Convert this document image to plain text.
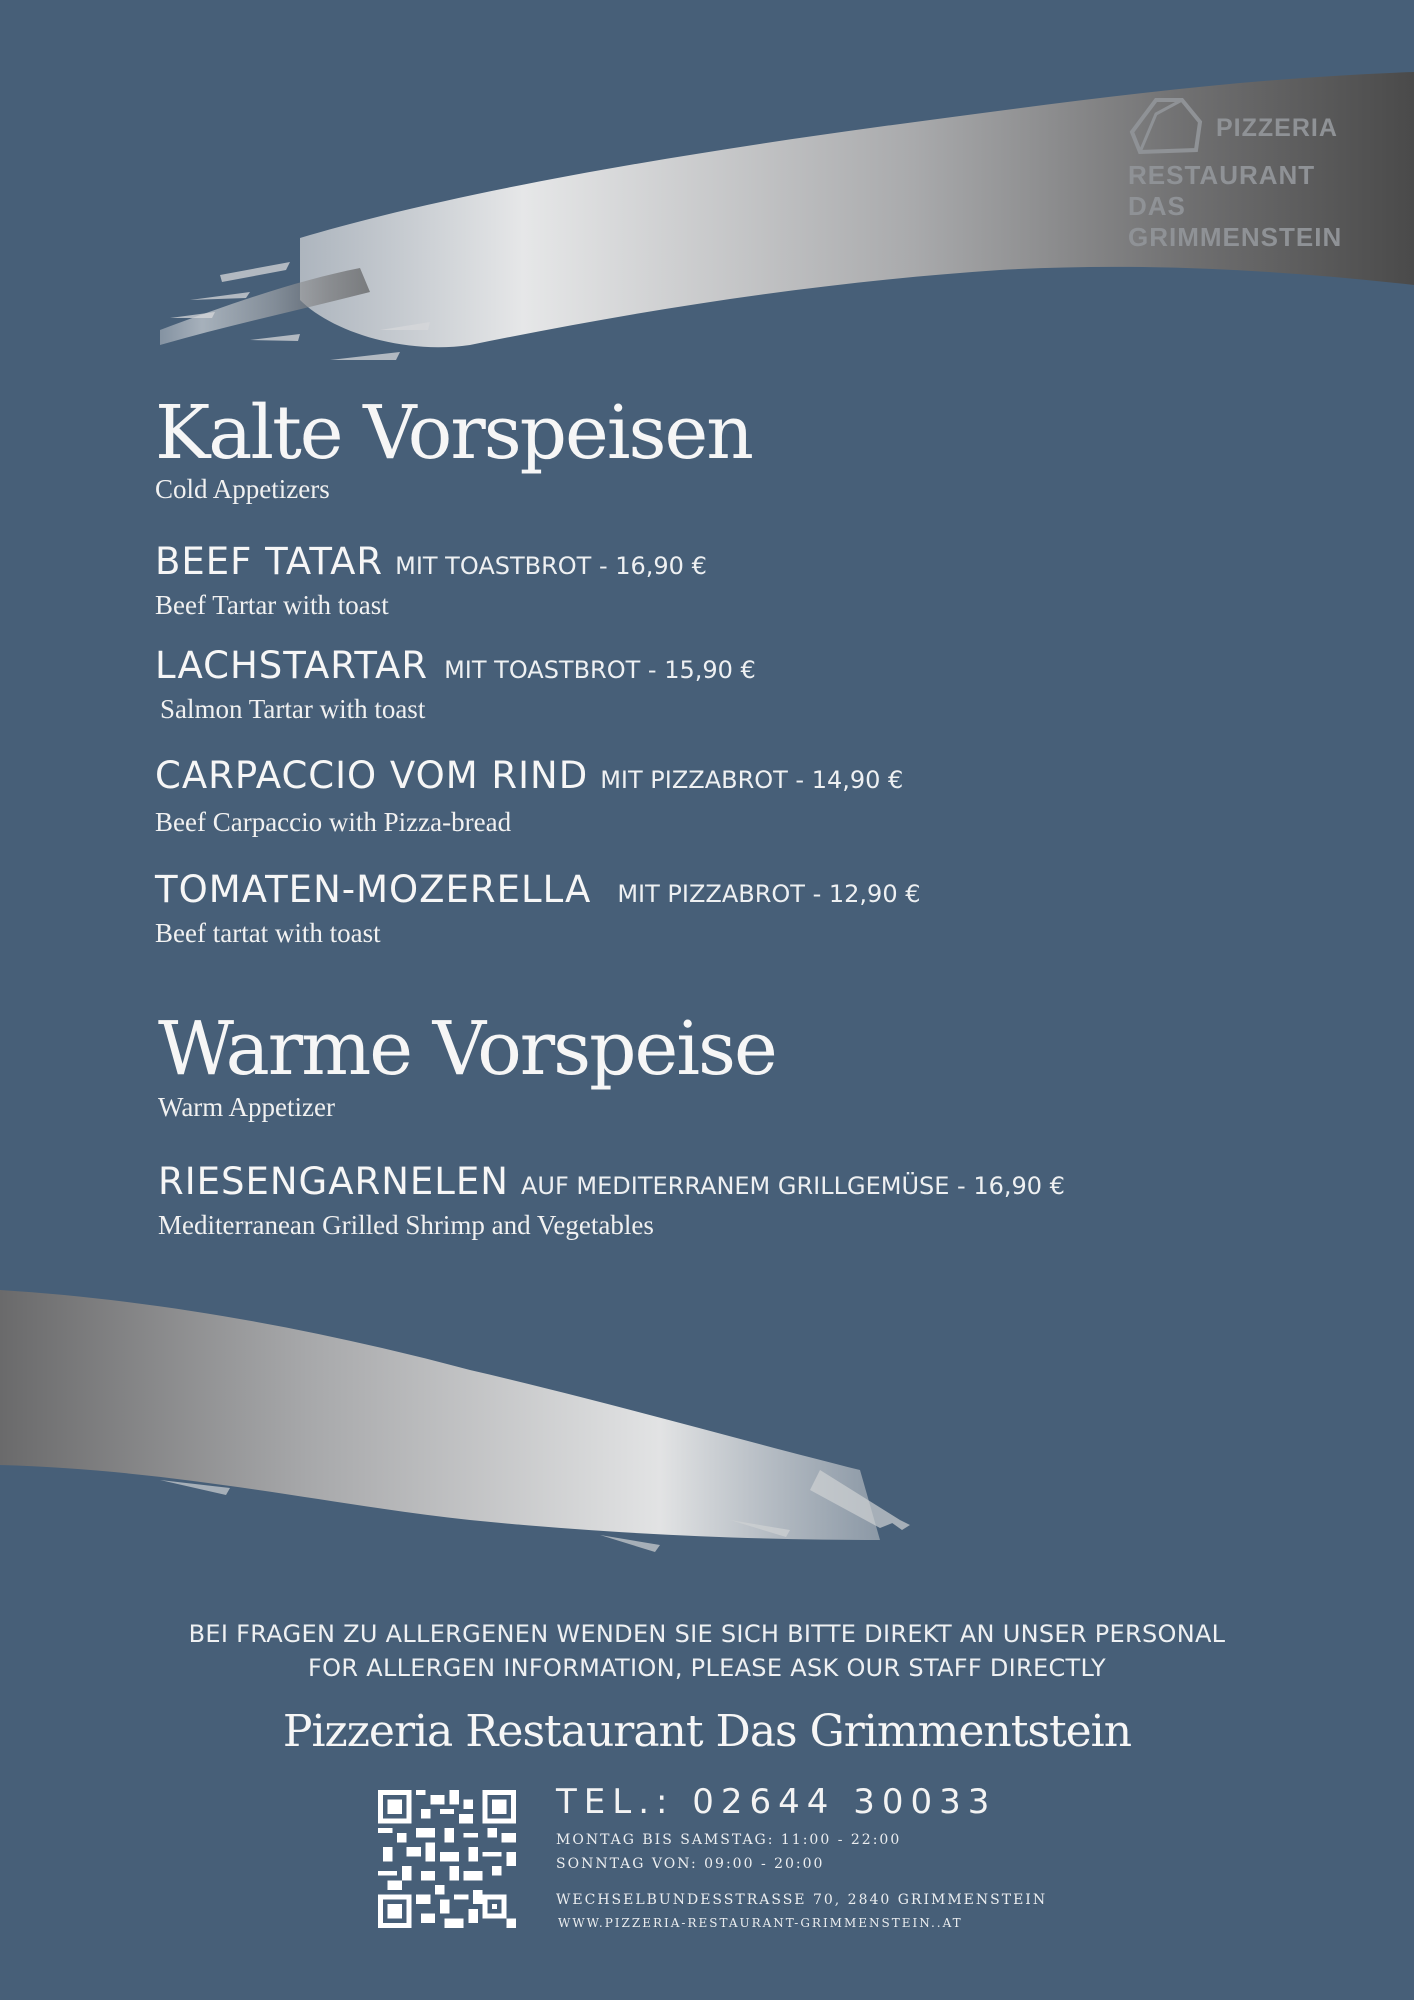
PIZZERIA
RESTAURANT
DAS
GRIMMENSTEIN
Kalte Vorspeisen
Cold Appetizers
BEEF TATAR MIT TOASTBROT - 16,90 €
Beef Tartar with toast
LACHSTARTAR MIT TOASTBROT - 15,90 €
Salmon Tartar with toast
CARPACCIO VOM RIND MIT PIZZABROT - 14,90 €
Beef Carpaccio with Pizza-bread
TOMATEN-MOZERELLA MIT PIZZABROT - 12,90 €
Beef tartat with toast
Warme Vorspeise
Warm Appetizer
RIESENGARNELEN AUF MEDITERRANEM GRILLGEMÜSE - 16,90 €
Mediterranean Grilled Shrimp and Vegetables
BEI FRAGEN ZU ALLERGENEN WENDEN SIE SICH BITTE DIREKT AN UNSER PERSONAL
FOR ALLERGEN INFORMATION, PLEASE ASK OUR STAFF DIRECTLY
Pizzeria Restaurant Das Grimmentstein
TEL.: 02644 30033
MONTAG BIS SAMSTAG: 11:00 - 22:00
SONNTAG VON: 09:00 - 20:00
WECHSELBUNDESSTRASSE 70, 2840 GRIMMENSTEIN
WWW.PIZZERIA-RESTAURANT-GRIMMENSTEIN..AT
